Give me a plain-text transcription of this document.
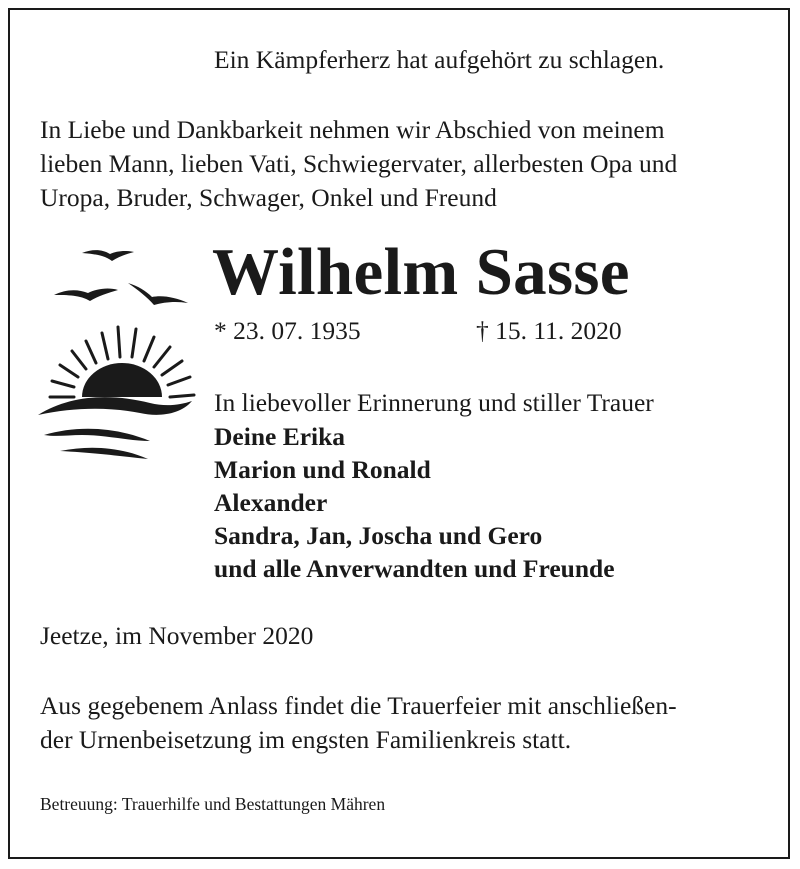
Ein Kämpferherz hat aufgehört zu schlagen.
In Liebe und Dankbarkeit nehmen wir Abschied von meinem
lieben Mann, lieben Vati, Schwiegervater, allerbesten Opa und
Uropa, Bruder, Schwager, Onkel und Freund
Wilhelm Sasse
* 23. 07. 1935	† 15. 11. 2020
In liebevoller Erinnerung und stiller Trauer
Deine Erika
Marion und Ronald
Alexander
Sandra, Jan, Joscha und Gero
und alle Anverwandten und Freunde
Jeetze, im November 2020
Aus gegebenem Anlass findet die Trauerfeier mit anschließen-
der Urnenbeisetzung im engsten Familienkreis statt.
Betreuung: Trauerhilfe und Bestattungen Mähren
